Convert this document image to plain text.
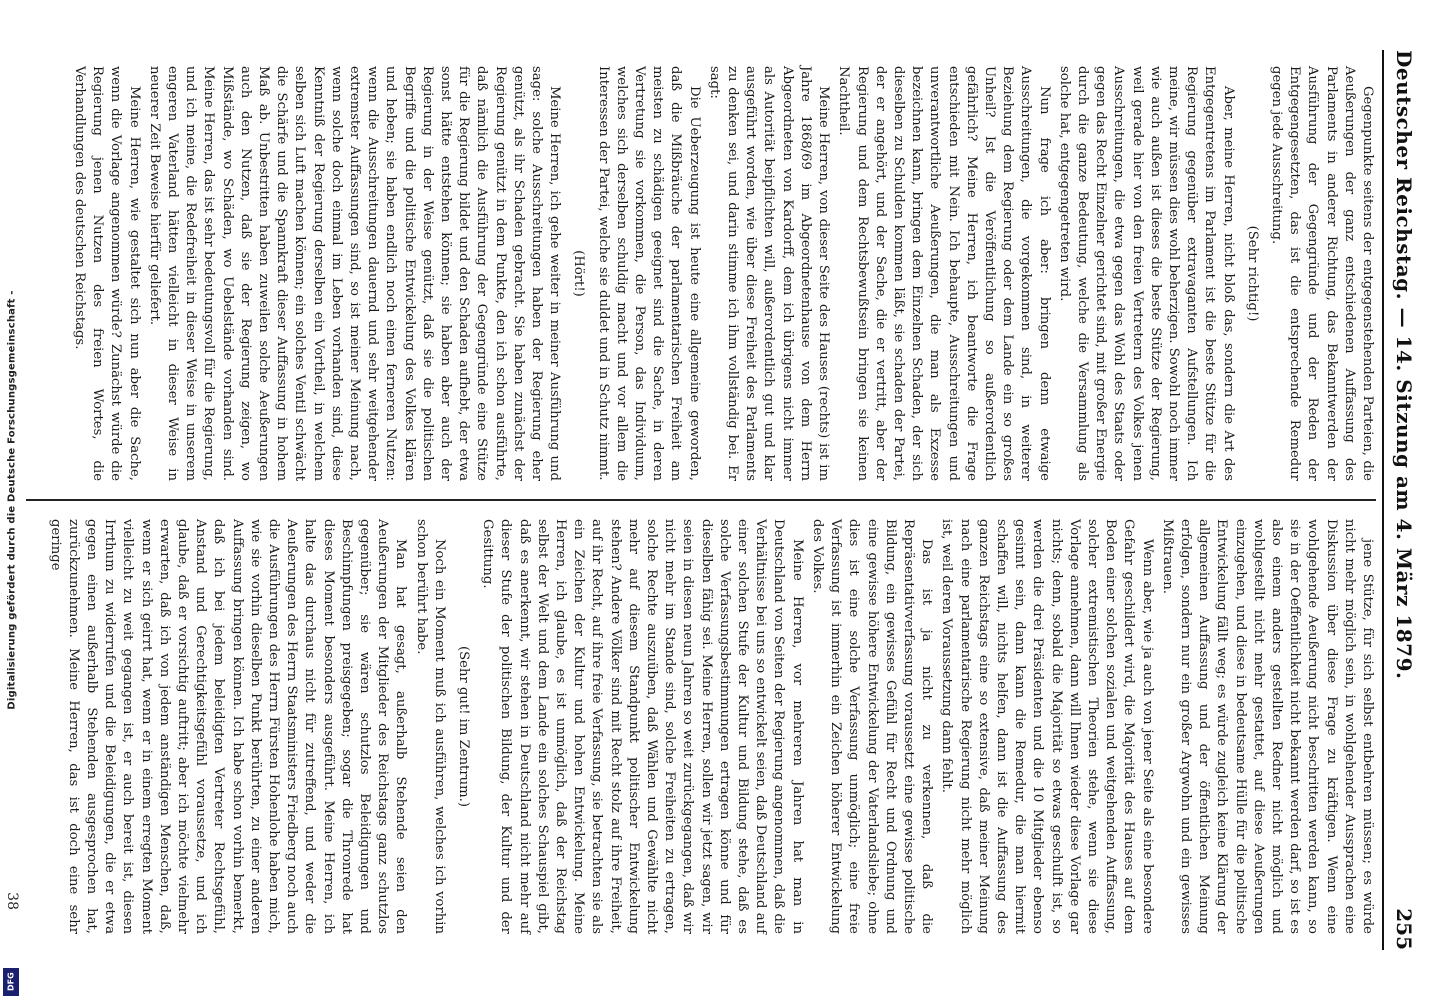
Deutscher Reichstag. — 14. Sitzung am 4. März 1879.
255

Gegenpunkte seitens der entgegenstehenden Parteien, die Aeußerungen der ganz entschiedenen Auffassung des Parlaments in anderer Richtung, das Bekanntwerden der Ausführung der Gegengründe und der Reden der Entgegengesetzten, das ist die entsprechende Remedur gegen jede Ausschreitung.

(Sehr richtig!)

Aber, meine Herren, nicht bloß das, sondern die Art des Entgegentretens im Parlament ist die beste Stütze für die Regierung gegenüber extravaganten Aufstellungen. Ich meine, wir müssen dies wohl beherzigen. Sowohl noch immer wie auch außen ist dieses die beste Stütze der Regierung, weil gerade hier von den freien Vertretern des Volkes jenen Ausschreitungen, die etwa gegen das Wohl des Staats oder gegen das Recht Einzelner gerichtet sind, mit großer Energie durch die ganze Bedeutung, welche die Versammlung als solche hat, entgegengetreten wird.

Nun frage ich aber: bringen denn etwaige Ausschreitungen, die vorgekommen sind, in weiterer Beziehung dem Regierung oder dem Lande ein so großes Unheil? Ist die Veröffentlichung so außerordentlich gefährlich? Meine Herren, ich beantworte die Frage entschieden mit Nein. Ich behaupte, Ausschreitungen und unverantwortliche Aeußerungen, die man als Exzesse bezeichnen kann, bringen dem Einzelnen Schaden, der sich dieselben zu Schulden kommen läßt, sie schaden der Partei, der er angehört, und der Sache, die er vertritt, aber der Regierung und dem Rechtsbewußtsein bringen sie keinen Nachtheil.

Meine Herren, von dieser Seite des Hauses (rechts) ist im Jahre 1868/69 im Abgeordnetenhause von dem Herrn Abgeordneten von Kardorff, dem ich übrigens nicht immer als Autorität beipflichten will, außerordentlich gut und klar ausgeführt worden, wie über diese Freiheit des Parlaments zu denken sei, und darin stimme ich ihm vollständig bei. Er sagt:

Die Ueberzeugung ist heute eine allgemeine geworden, daß die Mißbräuche der parlamentarischen Freiheit am meisten zu schädigen geeignet sind die Sache, in deren Vertretung sie vorkommen, die Person, das Individuum, welches sich derselben schuldig macht und vor allem die Interessen der Partei, welche sie duldet und in Schutz nimmt.

(Hört!)

Meine Herren, ich gehe weiter in meiner Ausführung und sage: solche Ausschreitungen haben der Regierung eher genützt, als ihr Schaden gebracht. Sie haben zunächst der Regierung genützt in dem Punkte, den ich schon ausführte, daß nämlich die Ausführung der Gegengründe eine Stütze für die Regierung bildet und den Schaden aufhebt, der etwa sonst hätte entstehen können; sie haben aber auch der Regierung in der Weise genützt, daß sie die politischen Begriffe und die politische Entwickelung des Volkes klären und heben; sie haben endlich noch einen ferneren Nutzen: wenn die Ausschreitungen dauernd und sehr weitgehender extremster Auffassungen sind, so ist meiner Meinung nach, wenn solche doch einmal im Leben vorhanden sind, diese Kenntniß der Regierung derselben ein Vortheil, in welchem selben sich Luft machen können; ein solches Ventil schwächt die Schärfe und die Spannkraft dieser Auffassung in hohem Maß ab. Unbestritten haben zuweilen solche Aeußerungen auch den Nutzen, daß sie der Regierung zeigen, wo Mißstände, wo Schäden, wo Uebelstände vorhanden sind. Meine Herren, das ist sehr bedeutungsvoll für die Regierung, und ich meine, die Redefreiheit in dieser Weise in unserem engeren Vaterland hätten vielleicht in dieser Weise in neuerer Zeit Beweise hierfür geliefert.

Meine Herren, wie gestaltet sich nun aber die Sache, wenn die Vorlage angenommen würde? Zunächst würde die Regierung jenen Nutzen des freien Wortes, die Verhandlungen des deutschen Reichstags.

jene Stütze, für sich selbst entbehren müssen; es würde nicht mehr möglich sein, in wohlgehender Aussprachen eine Diskussion über diese Frage zu kräftigen. Wenn eine wohlgehende Aeußerung nicht beschritten werden kann, so sie in der Oeffentlichkeit nicht bekannt werden darf, so ist es also einem anders gestellten Redner nicht möglich und wohlgestellt nicht mehr gestattet, auf diese Aeußerungen einzugehen, und diese in bedeutsame Hülle für die politische Entwickelung fällt weg; es würde zugleich keine Klärung der allgemeinen Auffassung und der öffentlichen Meinung erfolgen, sondern nur ein großer Argwohn und ein gewisses Mißtrauen.

Wenn aber, wie ja auch von jener Seite als eine besondere Gefahr geschildert wird, die Majorität des Hauses auf dem Boden einer solchen sozialen und weitgehenden Auffassung, solcher extremistischen Theorien stehe, wenn sie diese Vorlage annehmen, dann will Ihnen wieder diese Vorlage gar nichts; denn, sobald die Majorität so etwas geschulft ist, so werden die drei Präsidenten und die 10 Mitglieder ebenso gesinnt sein, dann kann die Remedur, die man hiermit schaffen will, nichts helfen, dann ist die Auffassung des ganzen Reichstags eine so extensive, daß meiner Meinung nach eine parlamentarische Regierung nicht mehr möglich ist, weil deren Voraussetzung dann fehlt.

Das ist ja nicht zu verkennen, daß die Repräsentativverfassung voraussetzt eine gewisse politische Bildung, ein gewisses Gefühl für Recht und Ordnung und eine gewisse höhere Entwickelung der Vaterlandsliebe; ohne dies ist eine solche Verfassung unmöglich; eine freie Verfassung ist immerhin ein Zeichen höherer Entwickelung des Volkes.

Meine Herren, vor mehreren Jahren hat man in Deutschland von Seiten der Regierung angenommen, daß die Verhältnisse bei uns so entwickelt seien, daß Deutschland auf einer solchen Stufe der Kultur und Bildung stehe, daß es solche Verfassungsbestimmungen ertragen könne und für dieselben fähig sei. Meine Herren, sollen wir jetzt sagen, wir seien in diesen neun Jahren so weit zurückgegangen, daß wir nicht mehr im Stande sind, solche Freiheiten zu ertragen, solche Rechte auszuüben, daß Wählen und Gewählte nicht mehr auf diesem Standpunkt politischer Entwickelung stehen? Andere Völker sind mit Recht stolz auf ihre Freiheit, auf ihr Recht, auf ihre freie Verfassung, sie betrachten sie als ein Zeichen der Kultur und hohen Entwickelung. Meine Herren, ich glaube, es ist unmöglich, daß der Reichstag selbst der Welt und dem Lande ein solches Schauspiel gibt, daß es anerkennt, wir stehen in Deutschland nicht mehr auf dieser Stufe der politischen Bildung, der Kultur und der Gesittung.

(Sehr gut! im Zentrum.)

Noch ein Moment muß ich ausführen, welches ich vorhin schon berührt habe.

Man hat gesagt, außerhalb Stehende seien den Aeußerungen der Mitglieder des Reichstags ganz schutzlos gegenüber; sie wären schutzlos Beleidigungen und Beschimpfungen preisgegeben; sogar die Thronrede hat dieses Moment besonders ausgeführt. Meine Herren, ich halte das durchaus nicht für zutreffend, und weder die Aeußerungen des Herrn Staatsministers Friedberg noch auch die Ausführungen des Herrn Fürsten Hohenlohe haben mich, wie sie vorhin dieselben Punkt berührten, zu einer anderen Auffassung bringen können. Ich habe schon vorhin bemerkt, daß ich bei jedem beleidigten Vertreter Rechtsgefühl, Anstand und Gerechtigkeitsgefühl voraussetze, und ich glaube, daß er vorsichtig auftritt; aber ich möchte vielmehr erwarten, daß ich von jedem anständigen Menschen, daß, wenn er sich geirrt hat, wenn er in einem erregten Moment vielleicht zu weit gegangen ist, er auch bereit ist, diesen Irrthum zu widerrufen und die Beleidigungen, die er etwa gegen einen außerhalb Stehenden ausgesprochen hat, zurückzunehmen. Meine Herren, das ist doch eine sehr geringe

38
Digitalisierung gefördert durch die Deutsche Forschungsgemeinschaft -
DFG
